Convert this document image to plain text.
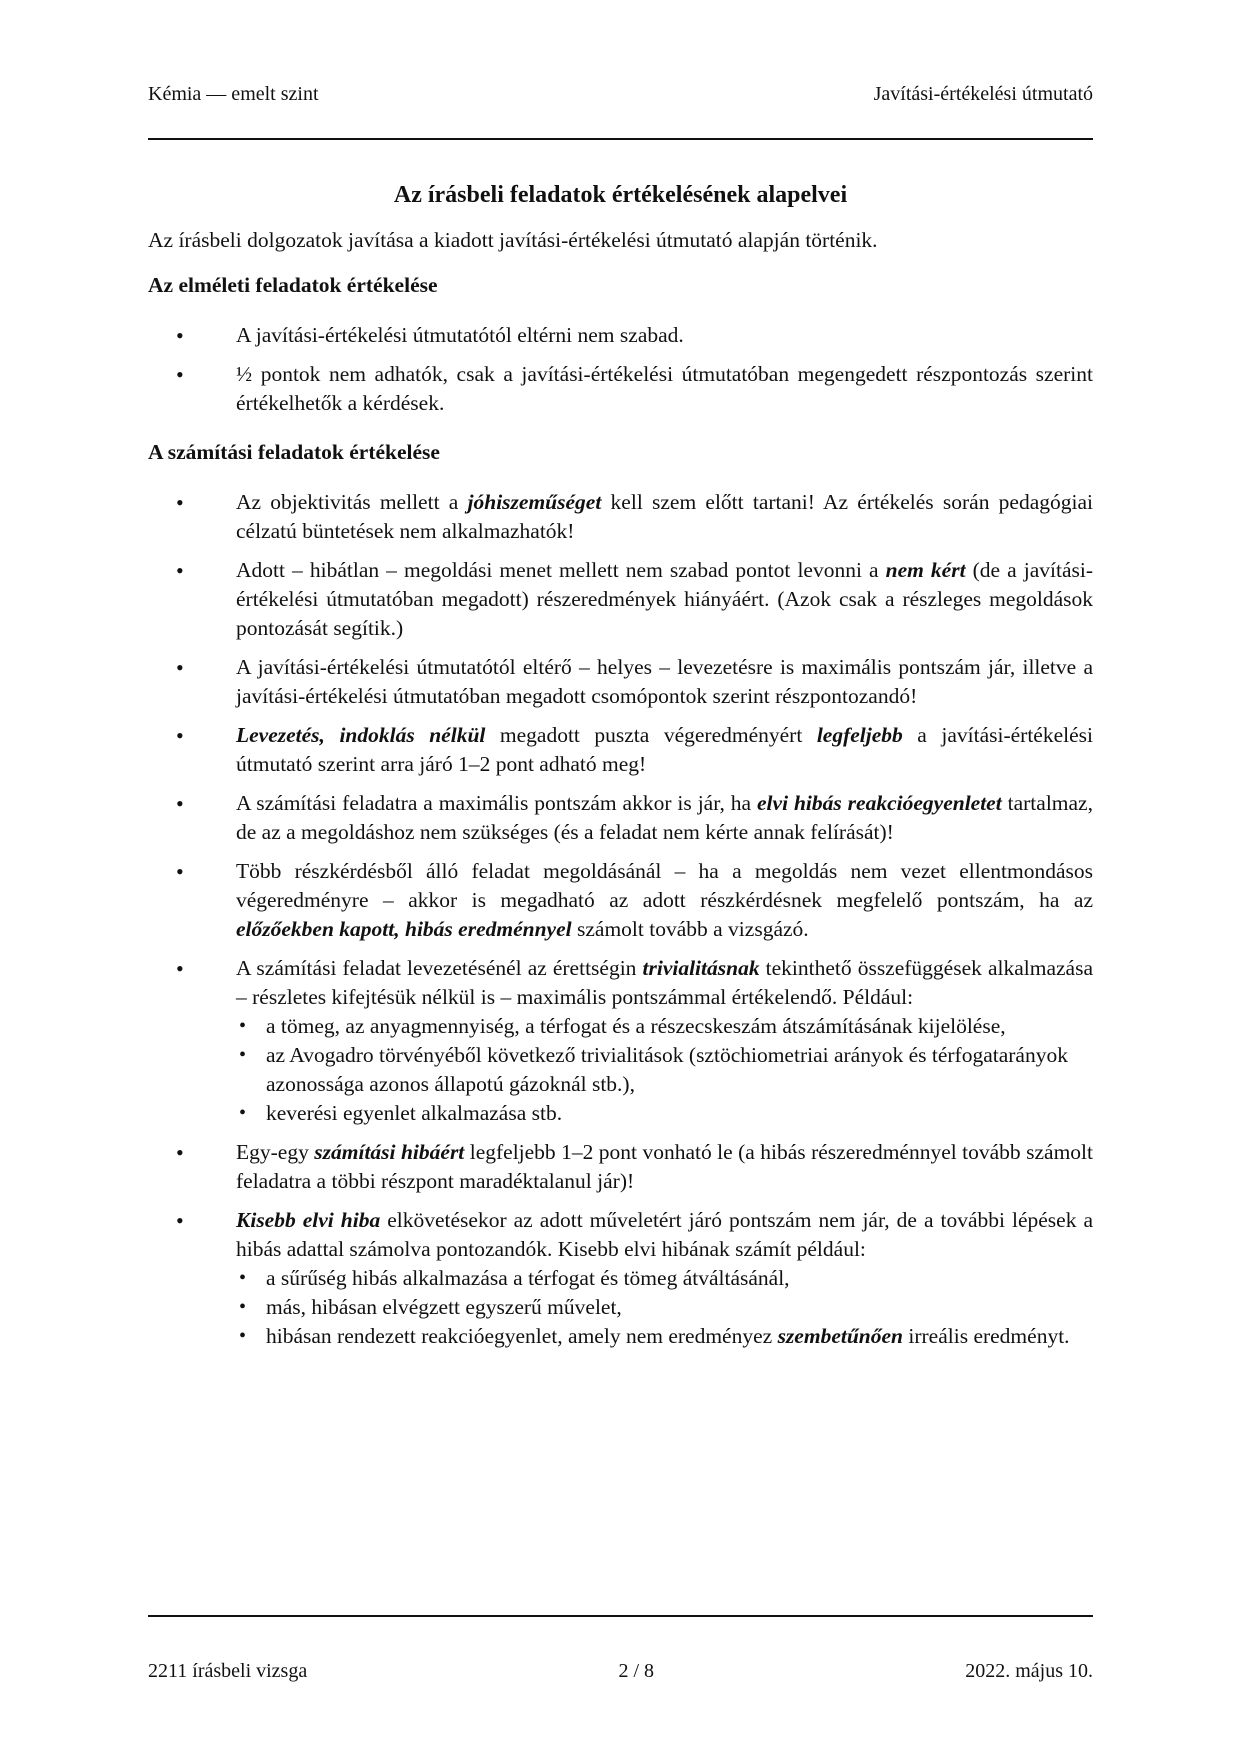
Kémia — emelt szint	Javítási-értékelési útmutató
Az írásbeli feladatok értékelésének alapelvei

Az írásbeli dolgozatok javítása a kiadott javítási-értékelési útmutató alapján történik.

Az elméleti feladatok értékelése
• A javítási-értékelési útmutatótól eltérni nem szabad.
• ½ pontok nem adhatók, csak a javítási-értékelési útmutatóban megengedett részpontozás szerint értékelhetők a kérdések.
A számítási feladatok értékelése
• Az objektivitás mellett a jóhiszeműséget kell szem előtt tartani! Az értékelés során pedagógiai célzatú büntetések nem alkalmazhatók!
• Adott – hibátlan – megoldási menet mellett nem szabad pontot levonni a nem kért (de a javítási-értékelési útmutatóban megadott) részeredmények hiányáért. (Azok csak a részleges megoldások pontozását segítik.)
• A javítási-értékelési útmutatótól eltérő – helyes – levezetésre is maximális pontszám jár, illetve a javítási-értékelési útmutatóban megadott csomópontok szerint részpontozandó!
• Levezetés, indoklás nélkül megadott puszta végeredményért legfeljebb a javítási-értékelési útmutató szerint arra járó 1–2 pont adható meg!
• A számítási feladatra a maximális pontszám akkor is jár, ha elvi hibás reakcióegyenletet tartalmaz, de az a megoldáshoz nem szükséges (és a feladat nem kérte annak felírását)!
• Több részkérdésből álló feladat megoldásánál – ha a megoldás nem vezet ellentmondásos végeredményre – akkor is megadható az adott részkérdésnek megfelelő pontszám, ha az előzőekben kapott, hibás eredménnyel számolt tovább a vizsgázó.
• A számítási feladat levezetésénél az érettségin trivialitásnak tekinthető összefüggések alkalmazása – részletes kifejtésük nélkül is – maximális pontszámmal értékelendő. Például:
• a tömeg, az anyagmennyiség, a térfogat és a részecskeszám átszámításának kijelölése,
• az Avogadro törvényéből következő trivialitások (sztöchiometriai arányok és térfogatarányok azonossága azonos állapotú gázoknál stb.),
• keverési egyenlet alkalmazása stb.
• Egy-egy számítási hibáért legfeljebb 1–2 pont vonható le (a hibás részeredménnyel tovább számolt feladatra a többi részpont maradéktalanul jár)!
• Kisebb elvi hiba elkövetésekor az adott műveletért járó pontszám nem jár, de a további lépések a hibás adattal számolva pontozandók. Kisebb elvi hibának számít például:
• a sűrűség hibás alkalmazása a térfogat és tömeg átváltásánál,
• más, hibásan elvégzett egyszerű művelet,
• hibásan rendezett reakcióegyenlet, amely nem eredményez szembetűnően irreális eredményt.
2211 írásbeli vizsga	2 / 8	2022. május 10.
